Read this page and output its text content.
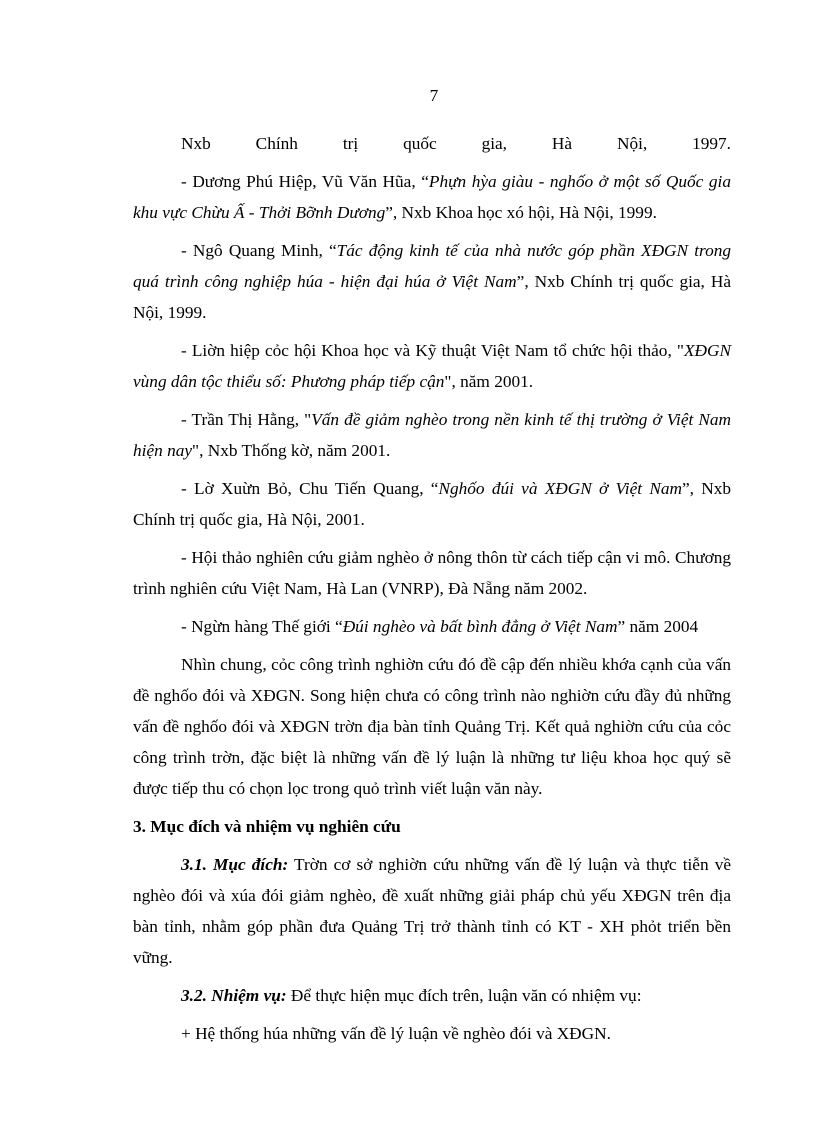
7

Nxb Chính trị quốc gia, Hà Nội, 1997.

- Dương Phú Hiệp, Vũ Văn Hũa, “Phựn hỳa giàu - nghốo ở một số Quốc gia khu vực Chừu Ấ - Thởi Bỡnh Dương”, Nxb Khoa học xó hội, Hà Nội, 1999.

- Ngô Quang Minh, “Tác động kinh tế của nhà nước góp phần XĐGN trong quá trình công nghiệp húa - hiện đại húa ở Việt Nam”, Nxb Chính trị quốc gia, Hà Nội, 1999.

- Liờn hiệp cỏc hội Khoa học và Kỹ thuật Việt Nam tổ chức hội thảo, "XĐGN vùng dân tộc thiểu số: Phương pháp tiếp cận", năm 2001.

- Trần Thị Hằng, "Vấn đề giảm nghèo trong nền kinh tế thị trường ở Việt Nam hiện nay", Nxb Thống kờ, năm 2001.

- Lờ Xuừn Bỏ, Chu Tiến Quang, “Nghốo đúi và XĐGN ở Việt Nam”, Nxb Chính trị quốc gia, Hà Nội, 2001.

- Hội thảo nghiên cứu giảm nghèo ở nông thôn từ cách tiếp cận vi mô. Chương trình nghiên cứu Việt Nam, Hà Lan (VNRP), Đà Nẵng năm 2002.

- Ngừn hàng Thế giới “Đúi nghèo và bất bình đẳng ở Việt Nam” năm 2004

Nhìn chung, cỏc công trình nghiờn cứu đó đề cập đến nhiều khớa cạnh của vấn đề nghốo đói và XĐGN. Song hiện chưa có công trình nào nghiờn cứu đầy đủ những vấn đề nghốo đói và XĐGN trờn địa bàn tỉnh Quảng Trị. Kết quả nghiờn cứu của cỏc công trình trờn, đặc biệt là những vấn đề lý luận là những tư liệu khoa học quý sẽ được tiếp thu có chọn lọc trong quỏ trình viết luận văn này.

3. Mục đích và nhiệm vụ nghiên cứu

3.1. Mục đích: Trờn cơ sở nghiờn cứu những vấn đề lý luận và thực tiễn về nghèo đói và xúa đói giảm nghèo, đề xuất những giải pháp chủ yếu XĐGN trên địa bàn tỉnh, nhằm góp phần đưa Quảng Trị trở thành tỉnh có KT - XH phỏt triển bền vững.

3.2. Nhiệm vụ: Để thực hiện mục đích trên, luận văn có nhiệm vụ:

+ Hệ thống húa những vấn đề lý luận về nghèo đói và XĐGN.
